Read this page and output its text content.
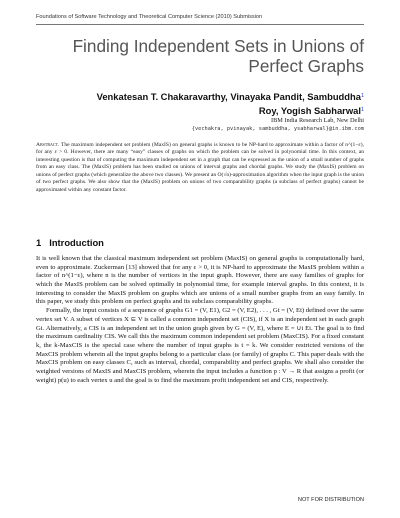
Foundations of Software Technology and Theoretical Computer Science (2010) Submission
Finding Independent Sets in Unions of Perfect Graphs
Venkatesan T. Chakaravarthy, Vinayaka Pandit, Sambuddha$^1$
Roy, Yogish Sabharwal$^1$
IBM India Research Lab, New Delhi
{vechakra, pvinayak, sambuddha, ysabharwal}@in.ibm.com
Abstract. The maximum independent set problem (MaxIS) on general graphs is known to be NP-hard to approximate within a factor of n^(1−ε), for any ε > 0. However, there are many “easy” classes of graphs on which the problem can be solved in polynomial time. In this context, an interesting question is that of computing the maximum independent set in a graph that can be expressed as the union of a small number of graphs from an easy class. The (MaxIS) problem has been studied on unions of interval graphs and chordal graphs. We study the (MaxIS) problem on unions of perfect graphs (which generalize the above two classes). We present an O(√n)-approximation algorithm when the input graph is the union of two perfect graphs. We also show that the (MaxIS) problem on unions of two comparability graphs (a subclass of perfect graphs) cannot be approximated within any constant factor.
1 Introduction

It is well known that the classical maximum independent set problem (MaxIS) on general graphs is computationally hard, even to approximate. Zuckerman [13] showed that for any ε > 0, it is NP-hard to approximate the MaxIS problem within a factor of n^(1−ε), where n is the number of vertices in the input graph. However, there are easy families of graphs for which the MaxIS problem can be solved optimally in polynomial time, for example interval graphs. In this context, it is interesting to consider the MaxIS problem on graphs which are unions of a small number graphs from an easy family. In this paper, we study this problem on perfect graphs and its subclass comparability graphs.

Formally, the input consists of a sequence of graphs G1 = (V, E1), G2 = (V, E2), . . . , Gt = (V, Et) defined over the same vertex set V. A subset of vertices X ⊆ V is called a common independent set (CIS), if X is an independent set in each graph Gi. Alternatively, a CIS is an independent set in the union graph given by G = (V, E), where E = ∪i Ei. The goal is to find the maximum cardinality CIS. We call this the maximum common independent set problem (MaxCIS). For a fixed constant k, the k-MaxCIS is the special case where the number of input graphs is t = k. We consider restricted versions of the MaxCIS problem wherein all the input graphs belong to a particular class (or family) of graphs C. This paper deals with the MaxCIS problem on easy classes C, such as interval, chordal, comparability and perfect graphs. We shall also consider the weighted versions of MaxIS and MaxCIS problem, wherein the input includes a function p : V → R that assigns a profit (or weight) p(u) to each vertex u and the goal is to find the maximum profit independent set and CIS, respectively.

NOT FOR DISTRIBUTION
